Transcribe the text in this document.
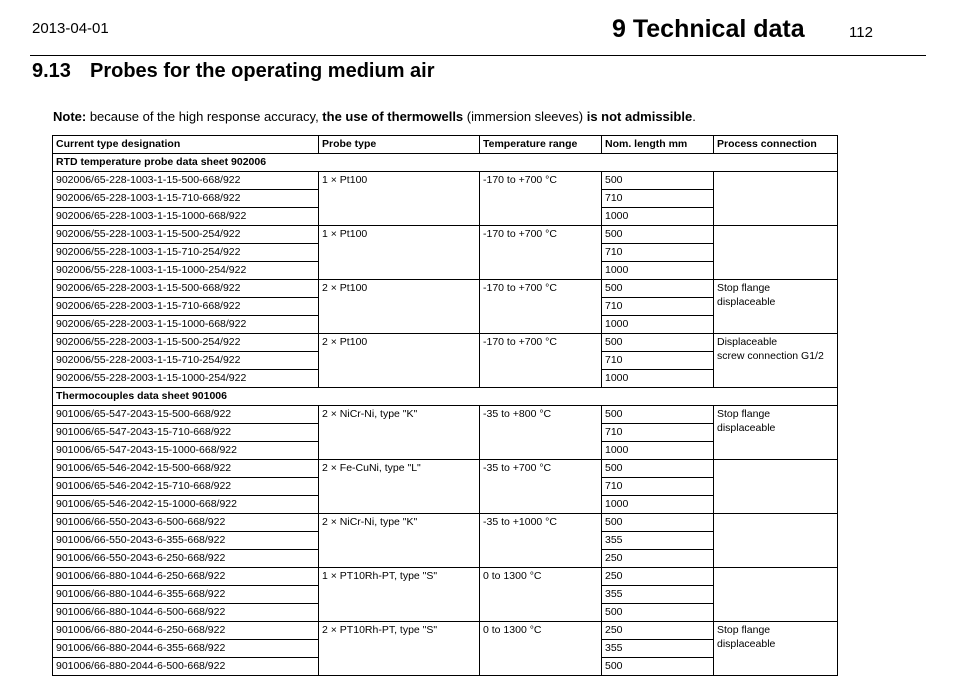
2013-04-01	9 Technical data	112
9.13 Probes for the operating medium air
Note: because of the high response accuracy, the use of thermowells (immersion sleeves) is not admissible.
Current type designation	Probe type	Temperature range	Nom. length mm	Process connection
RTD temperature probe data sheet 902006				
902006/65-228-1003-1-15-500-668/922	1 × Pt100	-170 to +700 °C	500	
902006/65-228-1003-1-15-710-668/922			710	
902006/65-228-1003-1-15-1000-668/922			1000	
902006/55-228-1003-1-15-500-254/922	1 × Pt100	-170 to +700 °C	500	
902006/55-228-1003-1-15-710-254/922			710	
902006/55-228-1003-1-15-1000-254/922			1000	
902006/65-228-2003-1-15-500-668/922	2 × Pt100	-170 to +700 °C	500	Stop flange
displaceable

902006/65-228-2003-1-15-710-668/922			710	
902006/65-228-2003-1-15-1000-668/922			1000	
902006/55-228-2003-1-15-500-254/922	2 × Pt100	-170 to +700 °C	500	Displaceable
screw connection G1/2

902006/55-228-2003-1-15-710-254/922			710	
902006/55-228-2003-1-15-1000-254/922			1000	
Thermocouples data sheet 901006				
901006/65-547-2043-15-500-668/922	2 × NiCr-Ni, type "K"	-35 to +800 °C	500	Stop flange
displaceable

901006/65-547-2043-15-710-668/922			710	
901006/65-547-2043-15-1000-668/922			1000	
901006/65-546-2042-15-500-668/922	2 × Fe-CuNi, type "L"	-35 to +700 °C	500	
901006/65-546-2042-15-710-668/922			710	
901006/65-546-2042-15-1000-668/922			1000	
901006/66-550-2043-6-500-668/922	2 × NiCr-Ni, type "K"	-35 to +1000 °C	500	
901006/66-550-2043-6-355-668/922			355	
901006/66-550-2043-6-250-668/922			250	
901006/66-880-1044-6-250-668/922	1 × PT10Rh-PT, type "S"	0 to 1300 °C	250	
901006/66-880-1044-6-355-668/922			355	
901006/66-880-1044-6-500-668/922			500	
901006/66-880-2044-6-250-668/922	2 × PT10Rh-PT, type "S"	0 to 1300 °C	250	Stop flange
displaceable

901006/66-880-2044-6-355-668/922			355	
901006/66-880-2044-6-500-668/922			500	
